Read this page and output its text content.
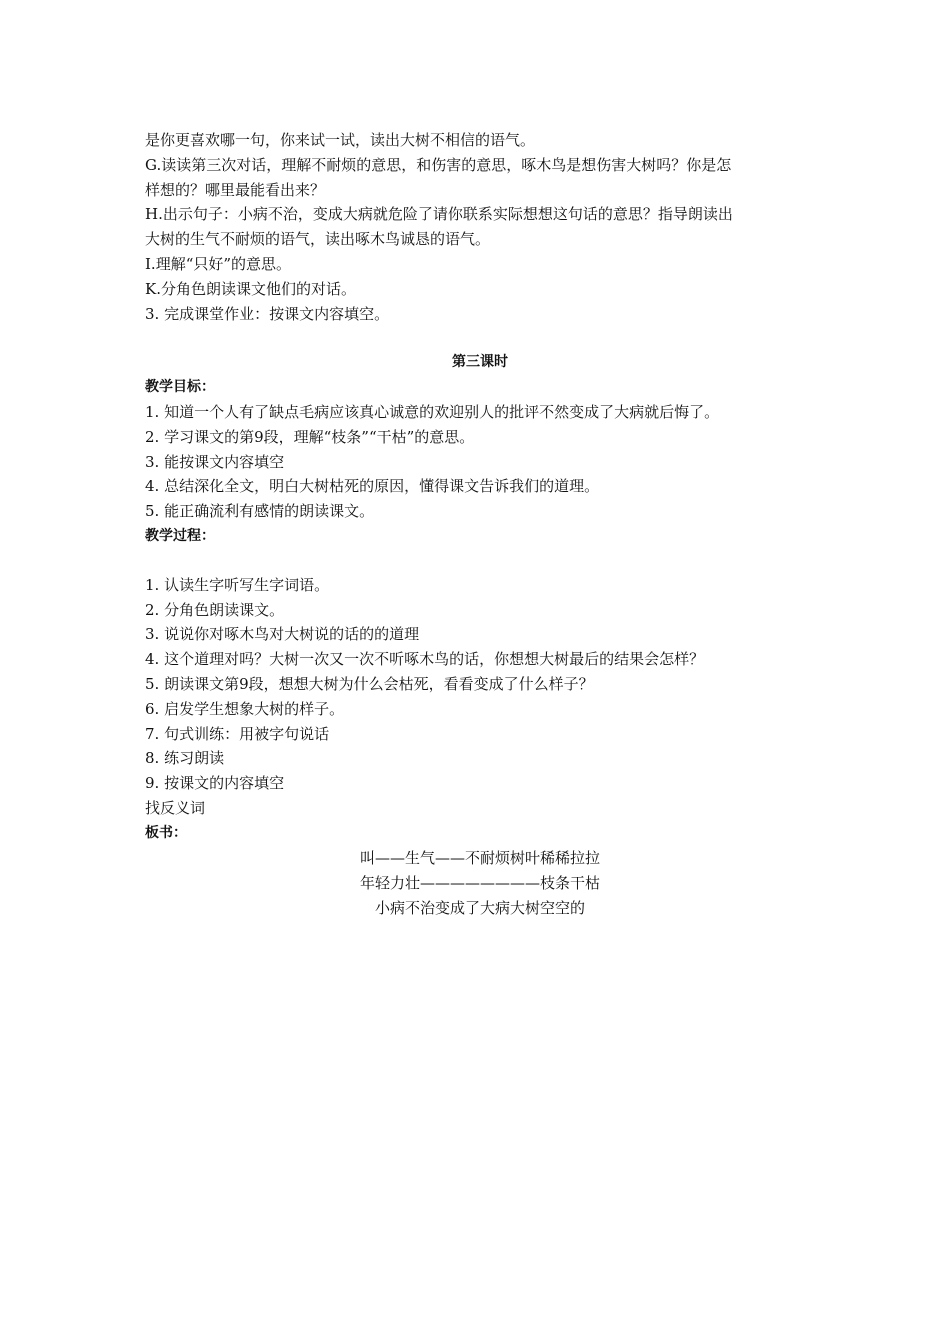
是你更喜欢哪一句，你来试一试，读出大树不相信的语气。
G.读读第三次对话，理解不耐烦的意思，和伤害的意思，啄木鸟是想伤害大树吗？你是怎
样想的？哪里最能看出来？
H.出示句子：小病不治，变成大病就危险了请你联系实际想想这句话的意思？指导朗读出
大树的生气不耐烦的语气，读出啄木鸟诚恳的语气。
I.理解“只好”的意思。
K.分角色朗读课文他们的对话。
3. 完成课堂作业：按课文内容填空。
第三课时
教学目标：
1. 知道一个人有了缺点毛病应该真心诚意的欢迎别人的批评不然变成了大病就后悔了。
2. 学习课文的第9段，理解“枝条”“干枯”的意思。
3. 能按课文内容填空
4. 总结深化全文，明白大树枯死的原因，懂得课文告诉我们的道理。
5. 能正确流利有感情的朗读课文。
教学过程：
1. 认读生字听写生字词语。
2. 分角色朗读课文。
3. 说说你对啄木鸟对大树说的话的的道理
4. 这个道理对吗？大树一次又一次不听啄木鸟的话，你想想大树最后的结果会怎样？
5. 朗读课文第9段，想想大树为什么会枯死，看看变成了什么样子？
6. 启发学生想象大树的样子。
7. 句式训练：用被字句说话
8. 练习朗读
9. 按课文的内容填空
找反义词
板书：
叫——生气——不耐烦树叶稀稀拉拉
年轻力壮————————枝条干枯
小病不治变成了大病大树空空的
